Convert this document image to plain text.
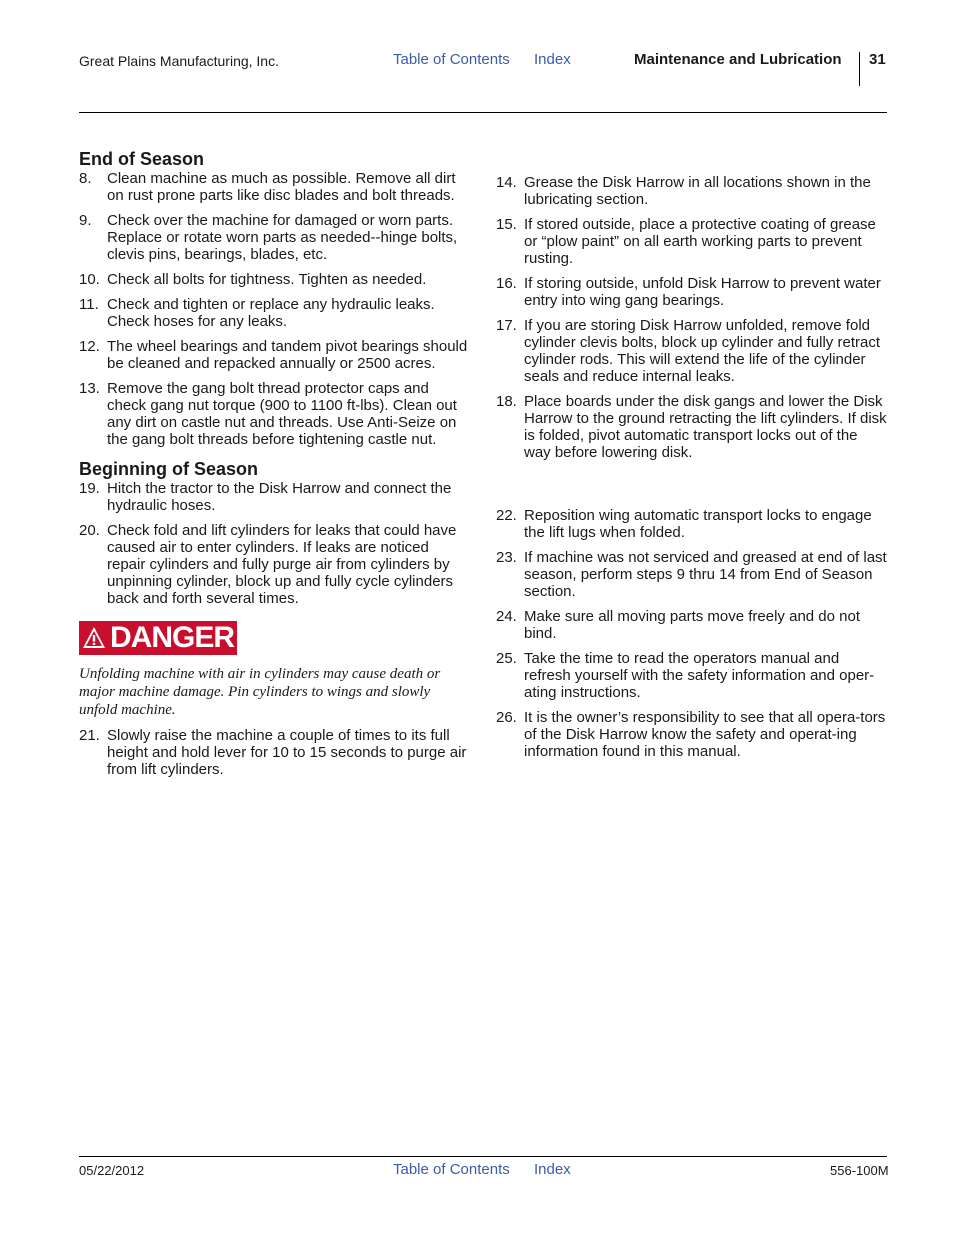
Great Plains Manufacturing, Inc.	Table of Contents Index	Maintenance and Lubrication 31
End of Season
8. Clean machine as much as possible. Remove all dirt on rust prone parts like disc blades and bolt threads.
9. Check over the machine for damaged or worn parts. Replace or rotate worn parts as needed--hinge bolts, clevis pins, bearings, blades, etc.
10. Check all bolts for tightness. Tighten as needed.
11. Check and tighten or replace any hydraulic leaks. Check hoses for any leaks.
12. The wheel bearings and tandem pivot bearings should be cleaned and repacked annually or 2500 acres.
13. Remove the gang bolt thread protector caps and check gang nut torque (900 to 1100 ft-lbs). Clean out any dirt on castle nut and threads. Use Anti-Seize on the gang bolt threads before tightening castle nut.
Beginning of Season
19. Hitch the tractor to the Disk Harrow and connect the hydraulic hoses.
20. Check fold and lift cylinders for leaks that could have caused air to enter cylinders. If leaks are noticed repair cylinders and fully purge air from cylinders by unpinning cylinder, block up and fully cycle cylinders back and forth several times.
DANGER
Unfolding machine with air in cylinders may cause death or major machine damage. Pin cylinders to wings and slowly unfold machine.
21. Slowly raise the machine a couple of times to its full height and hold lever for 10 to 15 seconds to purge air from lift cylinders.
14. Grease the Disk Harrow in all locations shown in the lubricating section.
15. If stored outside, place a protective coating of grease or “plow paint” on all earth working parts to prevent rusting.
16. If storing outside, unfold Disk Harrow to prevent water entry into wing gang bearings.
17. If you are storing Disk Harrow unfolded, remove fold cylinder clevis bolts, block up cylinder and fully retract cylinder rods. This will extend the life of the cylinder seals and reduce internal leaks.
18. Place boards under the disk gangs and lower the Disk Harrow to the ground retracting the lift cylinders. If disk is folded, pivot automatic transport locks out of the way before lowering disk.
22. Reposition wing automatic transport locks to engage the lift lugs when folded.
23. If machine was not serviced and greased at end of last season, perform steps 9 thru 14 from End of Season section.
24. Make sure all moving parts move freely and do not bind.
25. Take the time to read the operators manual and refresh yourself with the safety information and oper-ating instructions.
26. It is the owner’s responsibility to see that all opera-tors of the Disk Harrow know the safety and operat-ing information found in this manual.
05/22/2012	Table of Contents Index	556-100M
